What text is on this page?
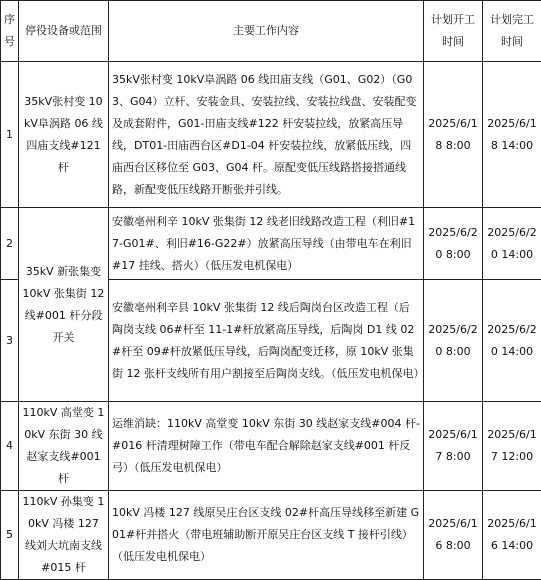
序号	停役设备或范围	主要工作内容	计划开工时间	计划完工时间
1	35kV张村变 10kV阜涡路 06 线四庙支线#121 杆	35kV张村变 10kV阜涡路 06 线田庙支线（G01、G02）（G03、G04）立杆、安装金具、安装拉线、安装拉线盘、安装配变及成套附件，G01-田庙支线#122 杆安装拉线，放紧高压导线，DT01-田庙西台区#D1-04 杆安装拉线，放紧低压线，四庙西台区移位至 G03、G04 杆。原配变低压线路搭接搭通线路，新配变低压线路开断张并引线。	2025/6/18 8:00	2025/6/18 14:00
2	35kV 新张集变 10kV 张集街 12 线#001 杆分段开关	安徽亳州利辛 10kV 张集街 12 线老旧线路改造工程（利旧#17-G01#、利旧#16-G22#）放紧高压导线（由带电车在利旧#17 挂线、搭火）（低压发电机保电）	2025/6/20 8:00	2025/6/20 14:00
3		安徽亳州利辛县 10kV 张集街 12 线后陶岗台区改造工程（后陶岗支线 06#杆至 11-1#杆放紧高压导线，后陶岗 D1 线 02#杆至 09#杆放紧低压导线，后陶岗配变迁移，原 10kV 张集街 12 张杆支线所有用户割接至后陶岗支线。（低压发电机保电）	2025/6/20 8:00	2025/6/20 14:00
4	110kV 高堂变 10kV 东街 30 线赵家支线#001 杆	运维消缺：110kV 高堂变 10kV 东街 30 线赵家支线#004 杆-#016 杆清理树障工作（带电车配合解除赵家支线#001 杆反弓）（低压发电机保电）	2025/6/17 8:00	2025/6/17 12:00
5	110kV 孙集变 10kV 冯楼 127 线刘大坑南支线#015 杆	10kV 冯楼 127 线原吴庄台区支线 02#杆高压导线移至新建 G01#杆并搭火（带电班辅助断开原吴庄台区支线 T 接杆引线）（低压发电机保电）	2025/6/16 8:00	2025/6/16 14:00
